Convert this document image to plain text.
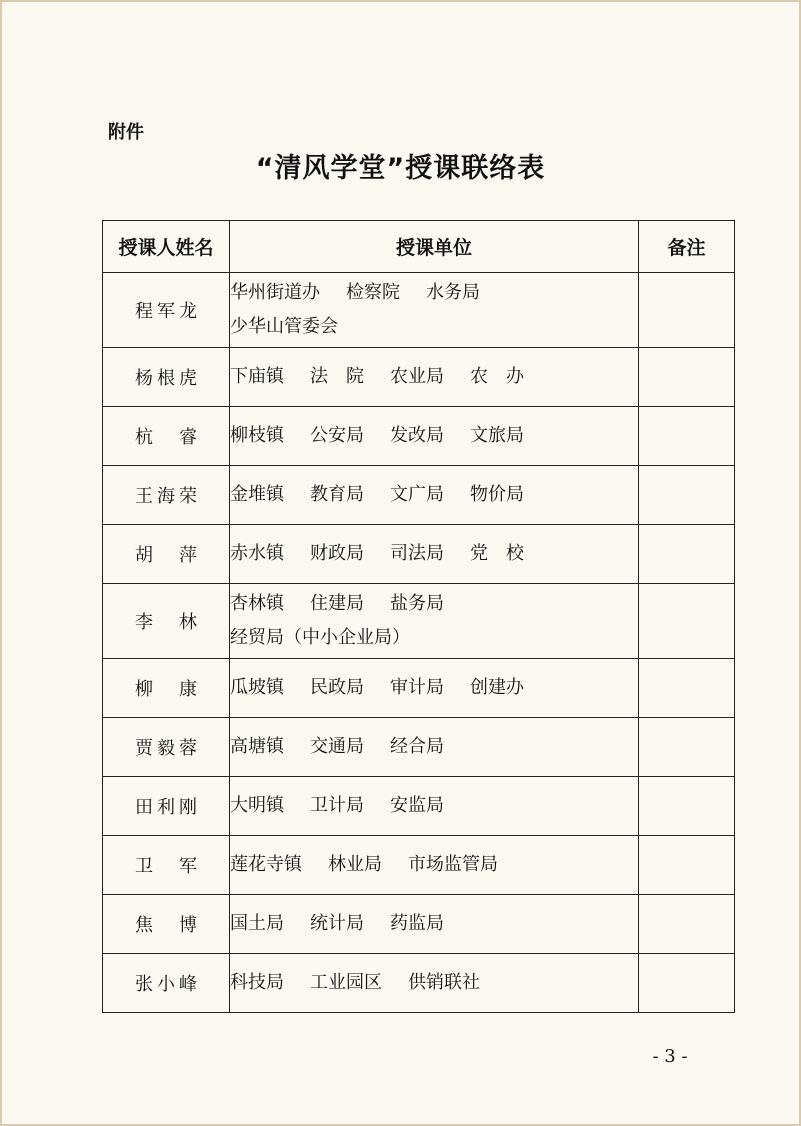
附件
“清风学堂”授课联络表
授课人姓名	授课单位	备注
程军龙	华州街道办 检察院 水务局
少华山管委会	

杨根虎	下庙镇 法　院 农业局 农　办	

杭　睿	柳枝镇 公安局 发改局 文旅局	

王海荣	金堆镇 教育局 文广局 物价局	

胡　萍	赤水镇 财政局 司法局 党　校	

李　林	杏林镇 住建局 盐务局
经贸局（中小企业局）	

柳　康	瓜坡镇 民政局 审计局 创建办	

贾毅蓉	高塘镇 交通局 经合局	

田利刚	大明镇 卫计局 安监局	

卫　军	莲花寺镇 林业局 市场监管局	

焦　博	国土局 统计局 药监局	

张小峰	科技局 工业园区 供销联社	

- 3 -
